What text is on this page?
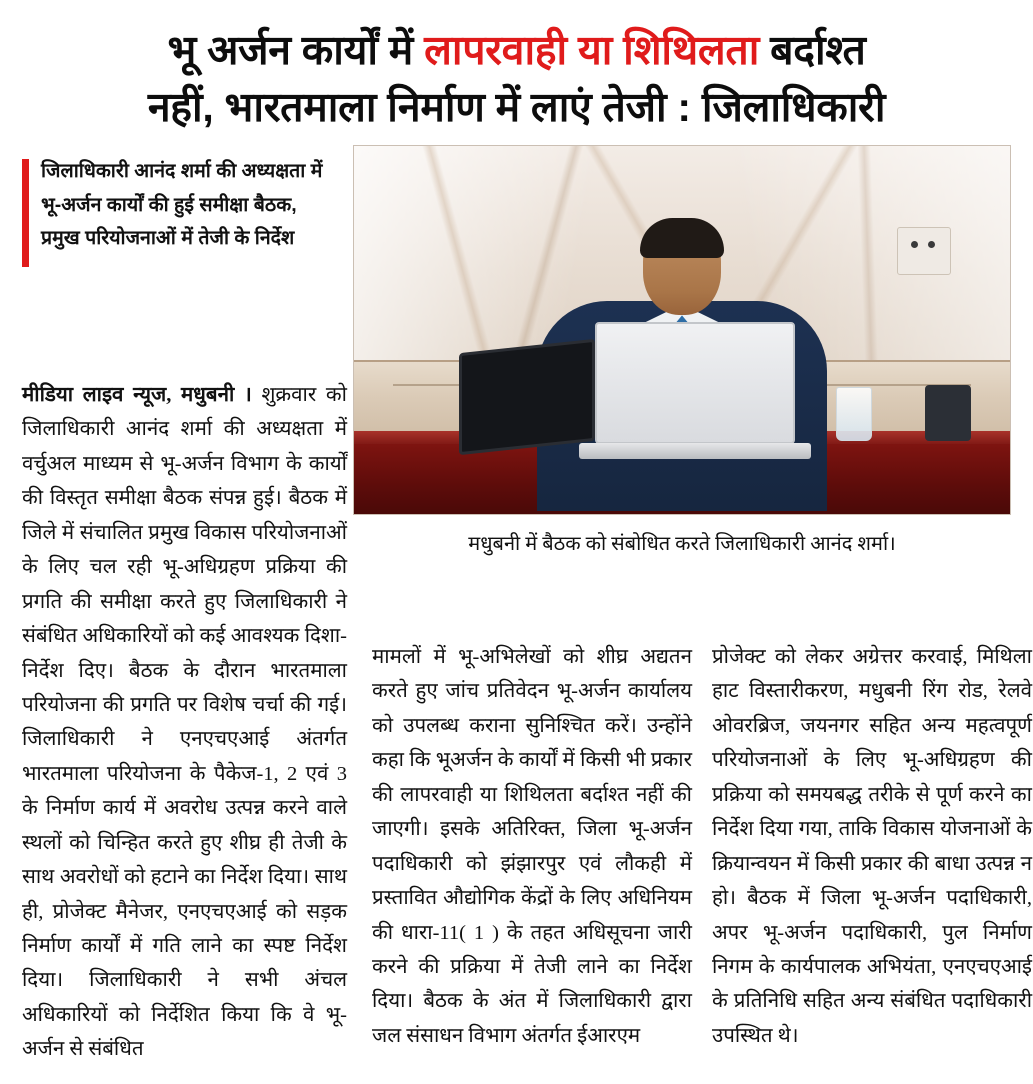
भू अर्जन कार्यों में लापरवाही या शिथिलता बर्दाश्त
नहीं, भारतमाला निर्माण में लाएं तेजी : जिलाधिकारी
जिलाधिकारी आनंद शर्मा की अध्यक्षता में भू-अर्जन कार्यों की हुई समीक्षा बैठक, प्रमुख परियोजनाओं में तेजी के निर्देश
मधुबनी में बैठक को संबोधित करते जिलाधिकारी आनंद शर्मा।

मीडिया लाइव न्यूज, मधुबनी । शुक्रवार को जिलाधिकारी आनंद शर्मा की अध्यक्षता में वर्चुअल माध्यम से भू-अर्जन विभाग के कार्यों की विस्तृत समीक्षा बैठक संपन्न हुई। बैठक में जिले में संचालित प्रमुख विकास परियोजनाओं के लिए चल रही भू-अधिग्रहण प्रक्रिया की प्रगति की समीक्षा करते हुए जिलाधिकारी ने संबंधित अधिकारियों को कई आवश्यक दिशा-निर्देश दिए। बैठक के दौरान भारतमाला परियोजना की प्रगति पर विशेष चर्चा की गई। जिलाधिकारी ने एनएचएआई अंतर्गत भारतमाला परियोजना के पैकेज-1, 2 एवं 3 के निर्माण कार्य में अवरोध उत्पन्न करने वाले स्थलों को चिन्हित करते हुए शीघ्र ही तेजी के साथ अवरोधों को हटाने का निर्देश दिया। साथ ही, प्रोजेक्ट मैनेजर, एनएचएआई को सड़क निर्माण कार्यों में गति लाने का स्पष्ट निर्देश दिया। जिलाधिकारी ने सभी अंचल अधिकारियों को निर्देशित किया कि वे भू-अर्जन से संबंधित

मामलों में भू-अभिलेखों को शीघ्र अद्यतन करते हुए जांच प्रतिवेदन भू-अर्जन कार्यालय को उपलब्ध कराना सुनिश्चित करें। उन्होंने कहा कि भूअर्जन के कार्यों में किसी भी प्रकार की लापरवाही या शिथिलता बर्दाश्त नहीं की जाएगी। इसके अतिरिक्त, जिला भू-अर्जन पदाधिकारी को झंझारपुर एवं लौकही में प्रस्तावित औद्योगिक केंद्रों के लिए अधिनियम की धारा-11( 1 ) के तहत अधिसूचना जारी करने की प्रक्रिया में तेजी लाने का निर्देश दिया। बैठक के अंत में जिलाधिकारी द्वारा जल संसाधन विभाग अंतर्गत ईआरएम

प्रोजेक्ट को लेकर अग्रेत्तर करवाई, मिथिला हाट विस्तारीकरण, मधुबनी रिंग रोड, रेलवे ओवरब्रिज, जयनगर सहित अन्य महत्वपूर्ण परियोजनाओं के लिए भू-अधिग्रहण की प्रक्रिया को समयबद्ध तरीके से पूर्ण करने का निर्देश दिया गया, ताकि विकास योजनाओं के क्रियान्वयन में किसी प्रकार की बाधा उत्पन्न न हो। बैठक में जिला भू-अर्जन पदाधिकारी, अपर भू-अर्जन पदाधिकारी, पुल निर्माण निगम के कार्यपालक अभियंता, एनएचएआई के प्रतिनिधि सहित अन्य संबंधित पदाधिकारी उपस्थित थे।
